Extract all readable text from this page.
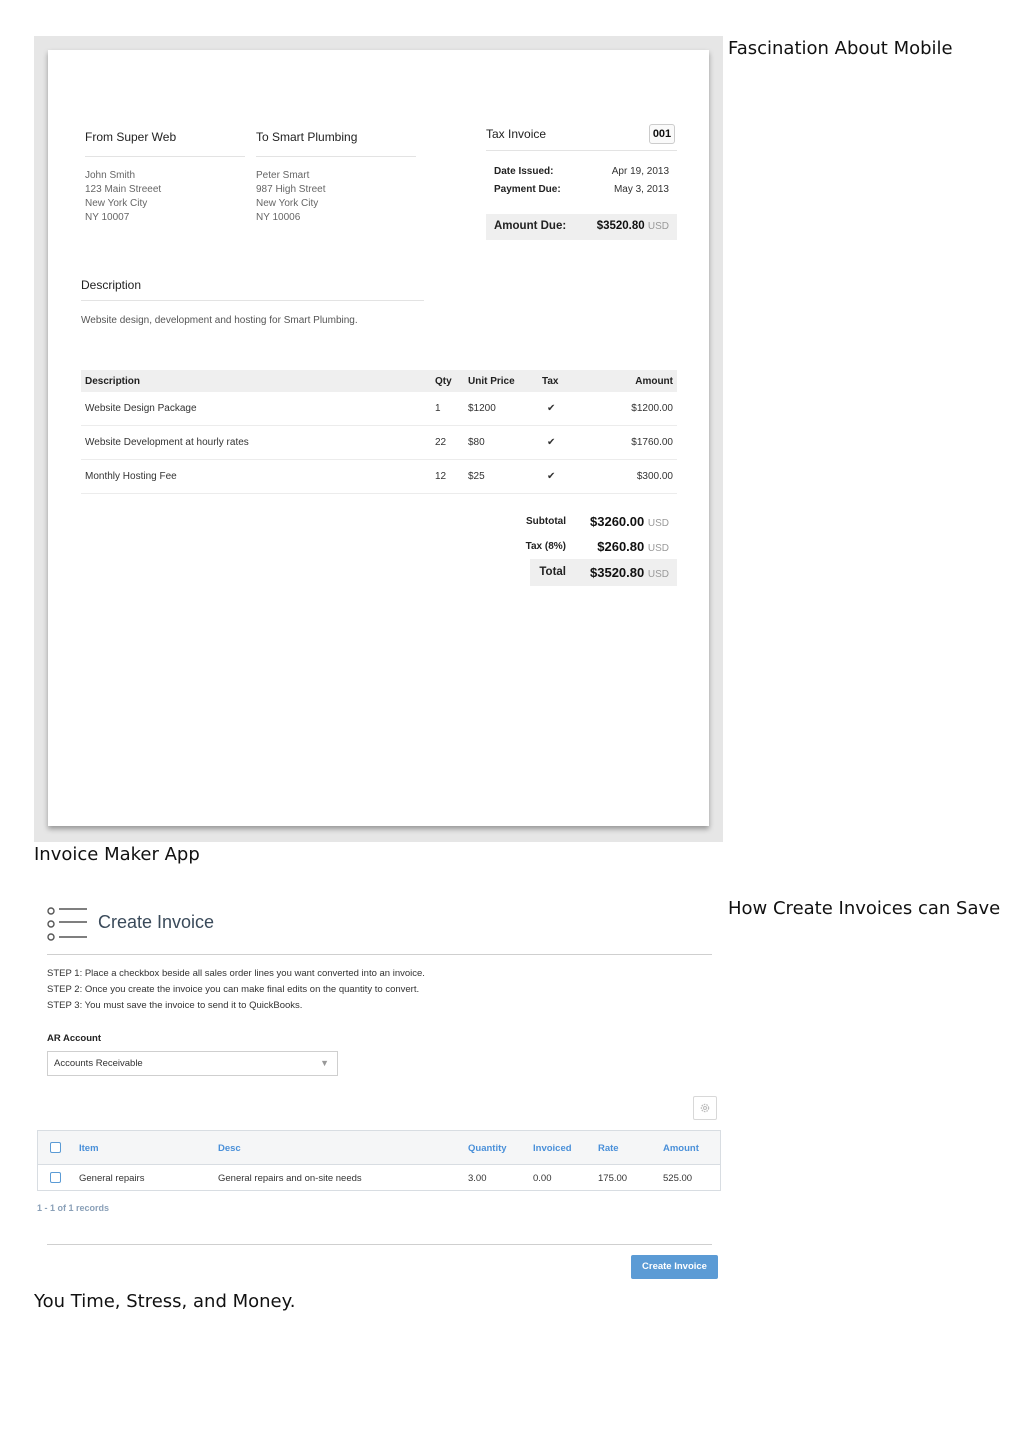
Fascination About Mobile
Invoice Maker App
How Create Invoices can Save
You Time, Stress, and Money.
From Super Web
John Smith
123 Main Streeet
New York City
NY 10007
To Smart Plumbing
Peter Smart
987 High Street
New York City
NY 10006
Tax Invoice	001
Date Issued:	Apr 19, 2013
Payment Due:	May 3, 2013
Amount Due:	$3520.80 USD
Description
Website design, development and hosting for Smart Plumbing.
Description	Qty	Unit Price	Tax	Amount
Website Design Package	1	$1200	✔	$1200.00
Website Development at hourly rates	22	$80	✔	$1760.00
Monthly Hosting Fee	12	$25	✔	$300.00
Subtotal	$3260.00 USD
Tax (8%)	$260.80 USD
Total $3520.80 USD
Create Invoice
STEP 1: Place a checkbox beside all sales order lines you want converted into an invoice.
STEP 2: Once you create the invoice you can make final edits on the quantity to convert.
STEP 3: You must save the invoice to send it to QuickBooks.
AR Account
Accounts Receivable	▼
Item	Desc	Quantity	Invoiced	Rate	Amount
General repairs	General repairs and on-site needs	3.00	0.00	175.00	525.00
1 - 1 of 1 records
Create Invoice
